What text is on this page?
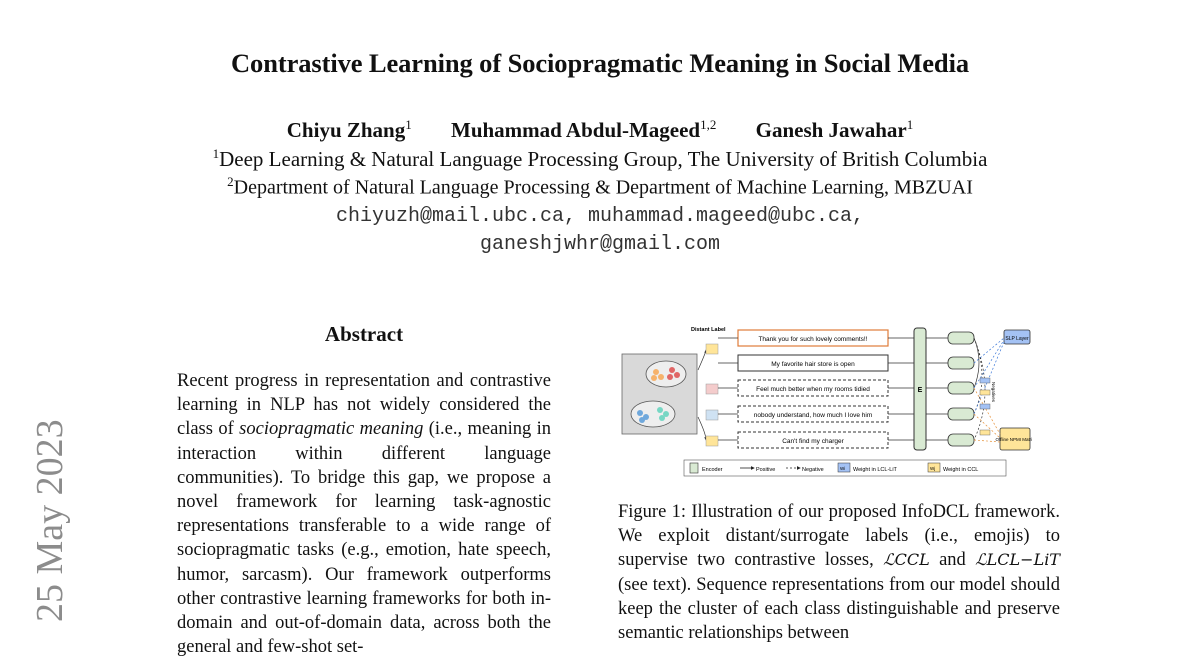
Contrastive Learning of Sociopragmatic Meaning in Social Media
Chiyu Zhang$^1$ Muhammad Abdul-Mageed$^{1,2}$ Ganesh Jawahar$^1$
$^1$Deep Learning & Natural Language Processing Group, The University of British Columbia
$^2$Department of Natural Language Processing & Department of Machine Learning, MBZUAI
chiyuzh@mail.ubc.ca, muhammad.mageed@ubc.ca,
ganeshjwhr@gmail.com
25 May 2023
Abstract
Recent progress in representation and contrastive learning in NLP has not widely considered the class of sociopragmatic meaning (i.e., meaning in interaction within different language communities). To bridge this gap, we propose a novel framework for learning task-agnostic representations transferable to a wide range of sociopragmatic tasks (e.g., emotion, hate speech, humor, sarcasm). Our framework outperforms other contrastive learning frameworks for both in-domain and out-of-domain data, across both the general and few-shot set-
Distant Label
Thank you for such lovely comments!!
My favorite hair store is open
Feel much better when my rooms tidied
nobody understand, how much I love him
Can't find my charger
E
SLP Layer
Offline NPMI Matrix
Negatives
Encoder	Positive	Negative	Wi Weight in LCL-LiT	Wj Weight in CCL
Figure 1: Illustration of our proposed InfoDCL framework. We exploit distant/surrogate labels (i.e., emojis) to supervise two contrastive losses, ℒCCL and ℒLCL−LiT (see text). Sequence representations from our model should keep the cluster of each class distinguishable and preserve semantic relationships between
